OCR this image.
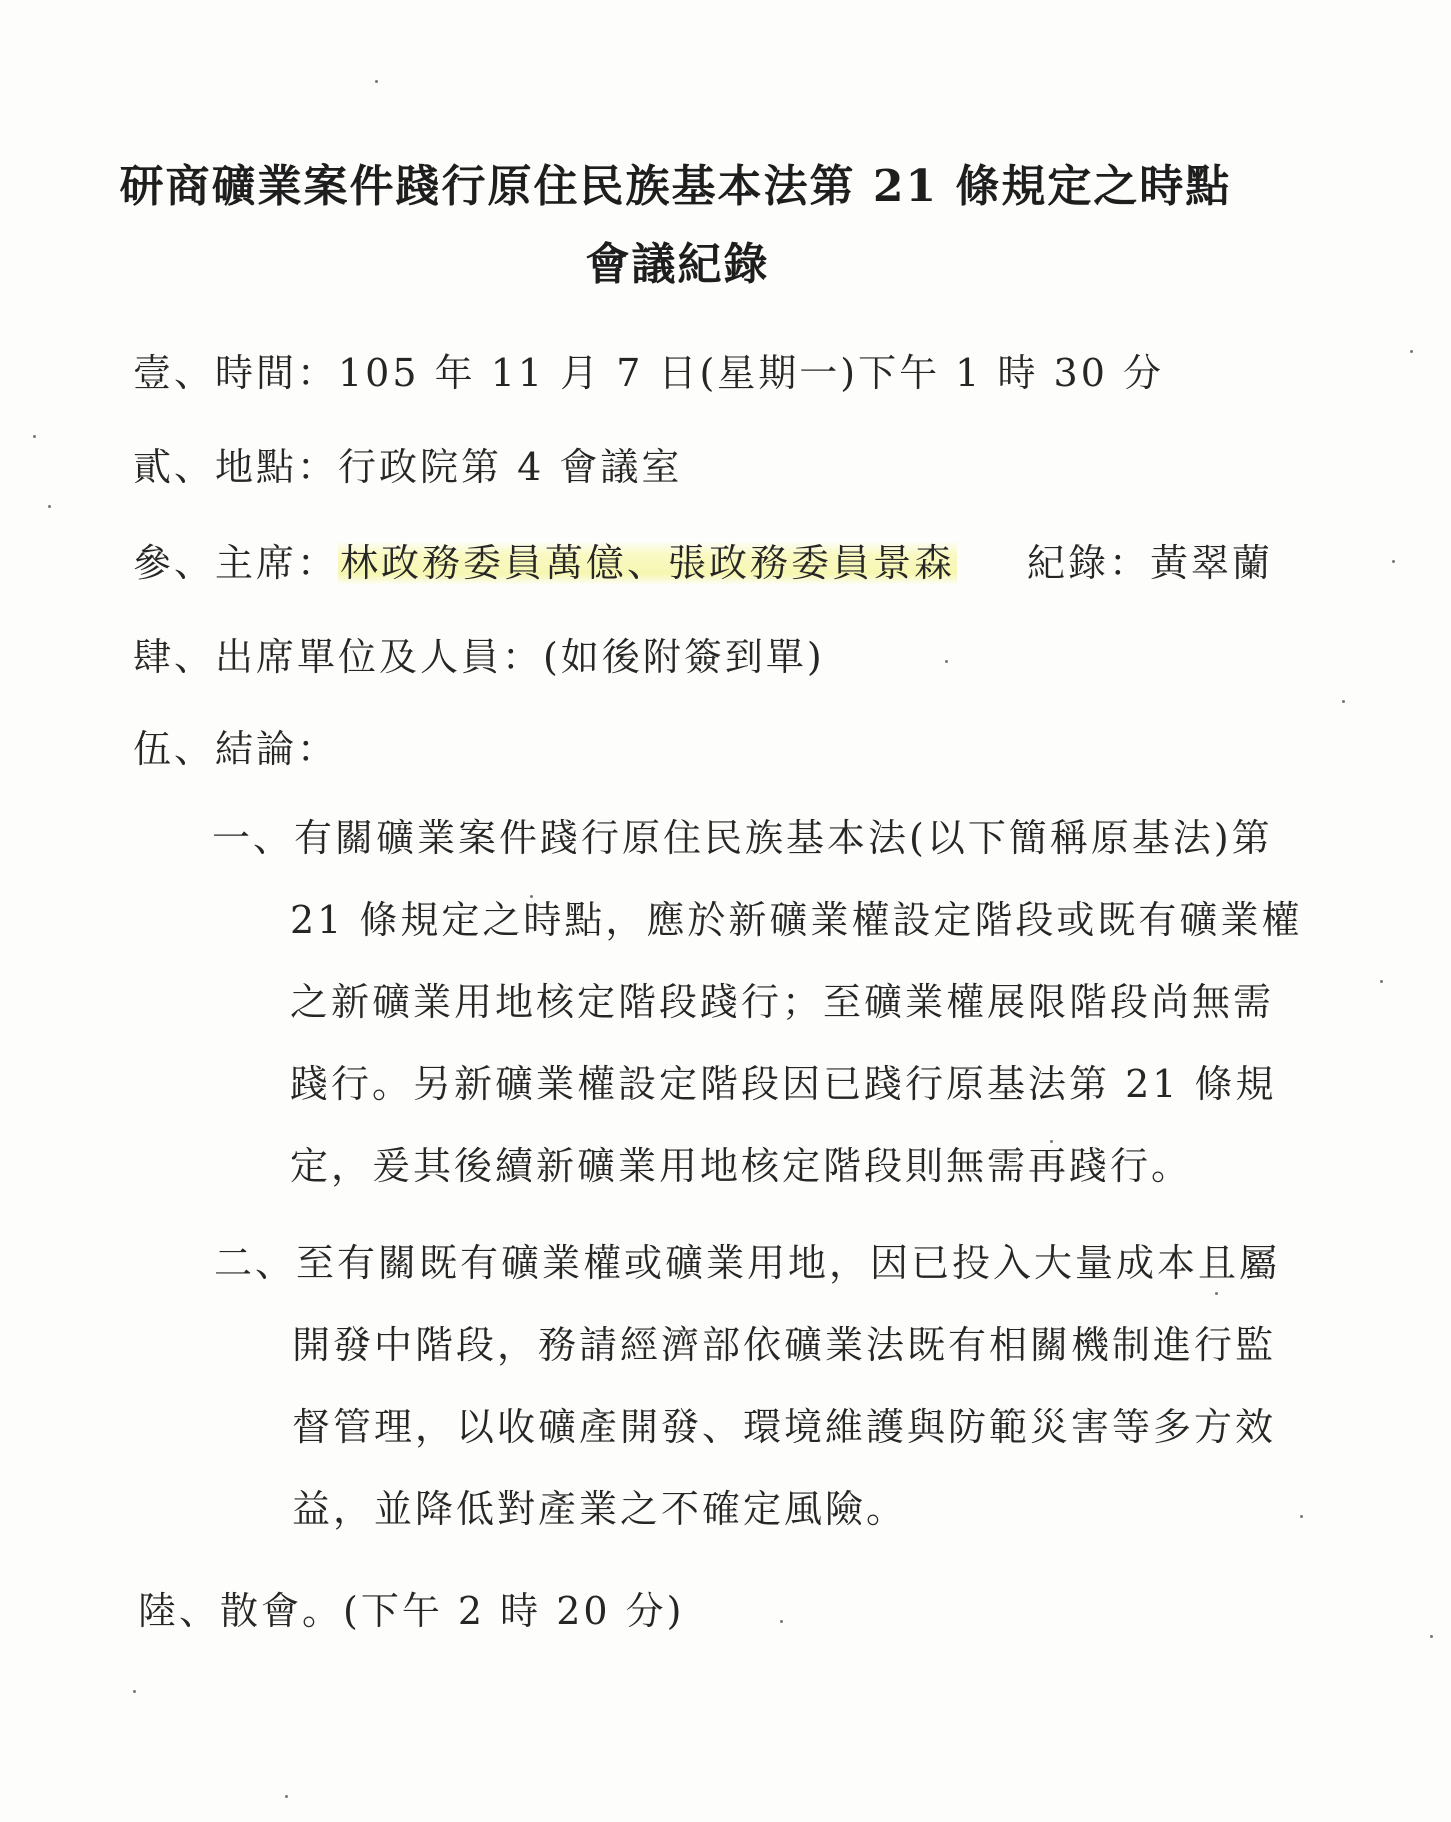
研商礦業案件踐行原住民族基本法第 21 條規定之時點
會議紀錄
壹、時間：105 年 11 月 7 日(星期一)下午 1 時 30 分
貳、地點：行政院第 4 會議室
參、主席：林政務委員萬億、張政務委員景森 紀錄：黃翠蘭
肆、出席單位及人員：(如後附簽到單)
伍、結論：
一、有關礦業案件踐行原住民族基本法(以下簡稱原基法)第
21 條規定之時點，應於新礦業權設定階段或既有礦業權
之新礦業用地核定階段踐行；至礦業權展限階段尚無需
踐行。另新礦業權設定階段因已踐行原基法第 21 條規
定，爰其後續新礦業用地核定階段則無需再踐行。
二、至有關既有礦業權或礦業用地，因已投入大量成本且屬
開發中階段，務請經濟部依礦業法既有相關機制進行監
督管理，以收礦產開發、環境維護與防範災害等多方效
益，並降低對產業之不確定風險。
陸、散會。(下午 2 時 20 分)
